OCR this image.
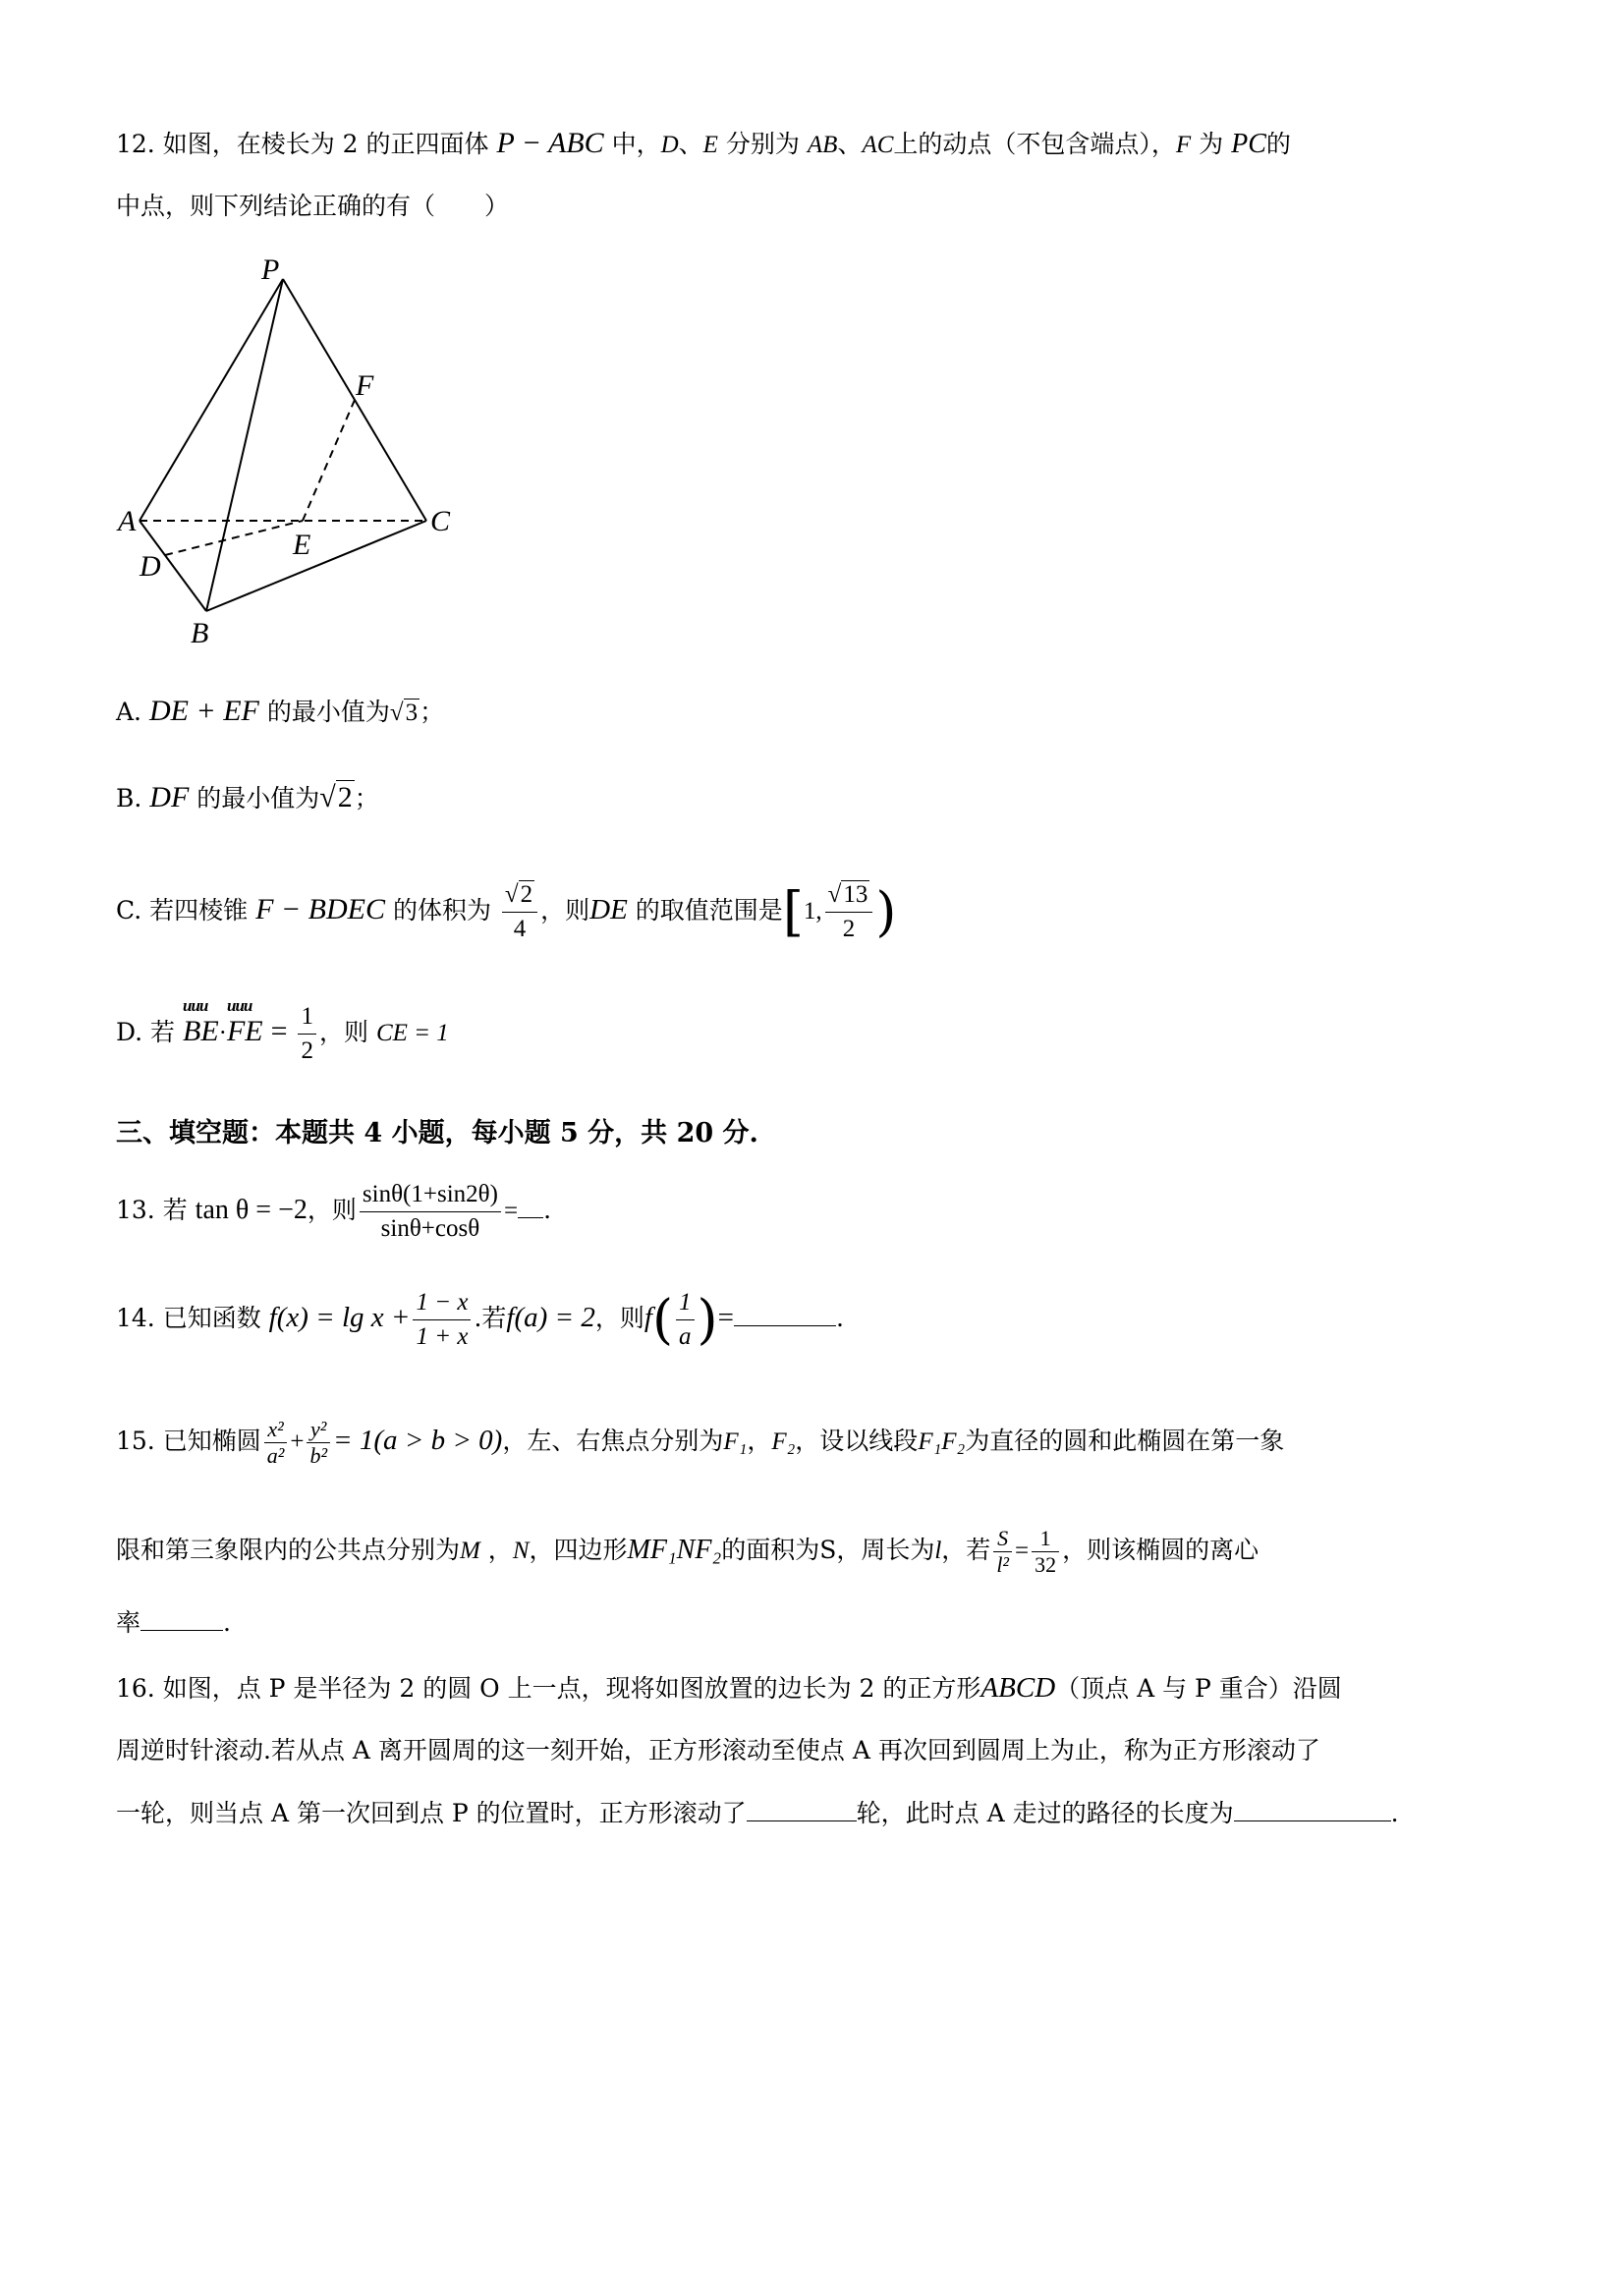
12. 如图，在棱长为 2 的正四面体 P − ABC 中，D、E 分别为 AB、AC上的动点（不包含端点），F 为 PC的
中点，则下列结论正确的有（　　）
P
F
A
E
C
D
B
A. DE + EF 的最小值为√3；
B. DF 的最小值为√2；
C. 若四棱锥 F − BDEC 的体积为 $\frac{√2}{4}$ ，则DE 的取值范围是[1, $\frac{√13}{2}$ )
D. 若
uuu
BE·
uuu
FE = $\frac{1}{2}$ ，则 CE = 1
三、填空题：本题共 4 小题，每小题 5 分，共 20 分.
13. 若 tan θ = −2，则 $\frac{\sin\theta(1+\sin 2\theta)}{\sin\theta+\cos\theta}$ = .
14. 已知函数 $f(x) = \lg x + \frac{1 - x}{1 + x}$ .若f(a) = 2，则$f( \frac{1}{a}$ )=	.
15. 已知椭圆 $\frac{\text{x²}}{\text{a²}} + \frac{\text{y²}}{\text{b²}} = 1(a > b > 0)$，左、右焦点分别为F₁，F₂，设以线段F₁F₂为直径的圆和此椭圆在第一象
限和第三象限内的公共点分别为M ，N，四边形MF₁NF₂的面积为S，周长为l，若 $\frac{S}{\text{l²}} = \frac{1}{32}$ ，则该椭圆的离心
率	.
16. 如图，点 P 是半径为 2 的圆 O 上一点，现将如图放置的边长为 2 的正方形ABCD（顶点 A 与 P 重合）沿圆
周逆时针滚动.若从点 A 离开圆周的这一刻开始，正方形滚动至使点 A 再次回到圆周上为止，称为正方形滚动了
一轮，则当点 A 第一次回到点 P 的位置时，正方形滚动了	轮，此时点 A 走过的路径的长度为	.
